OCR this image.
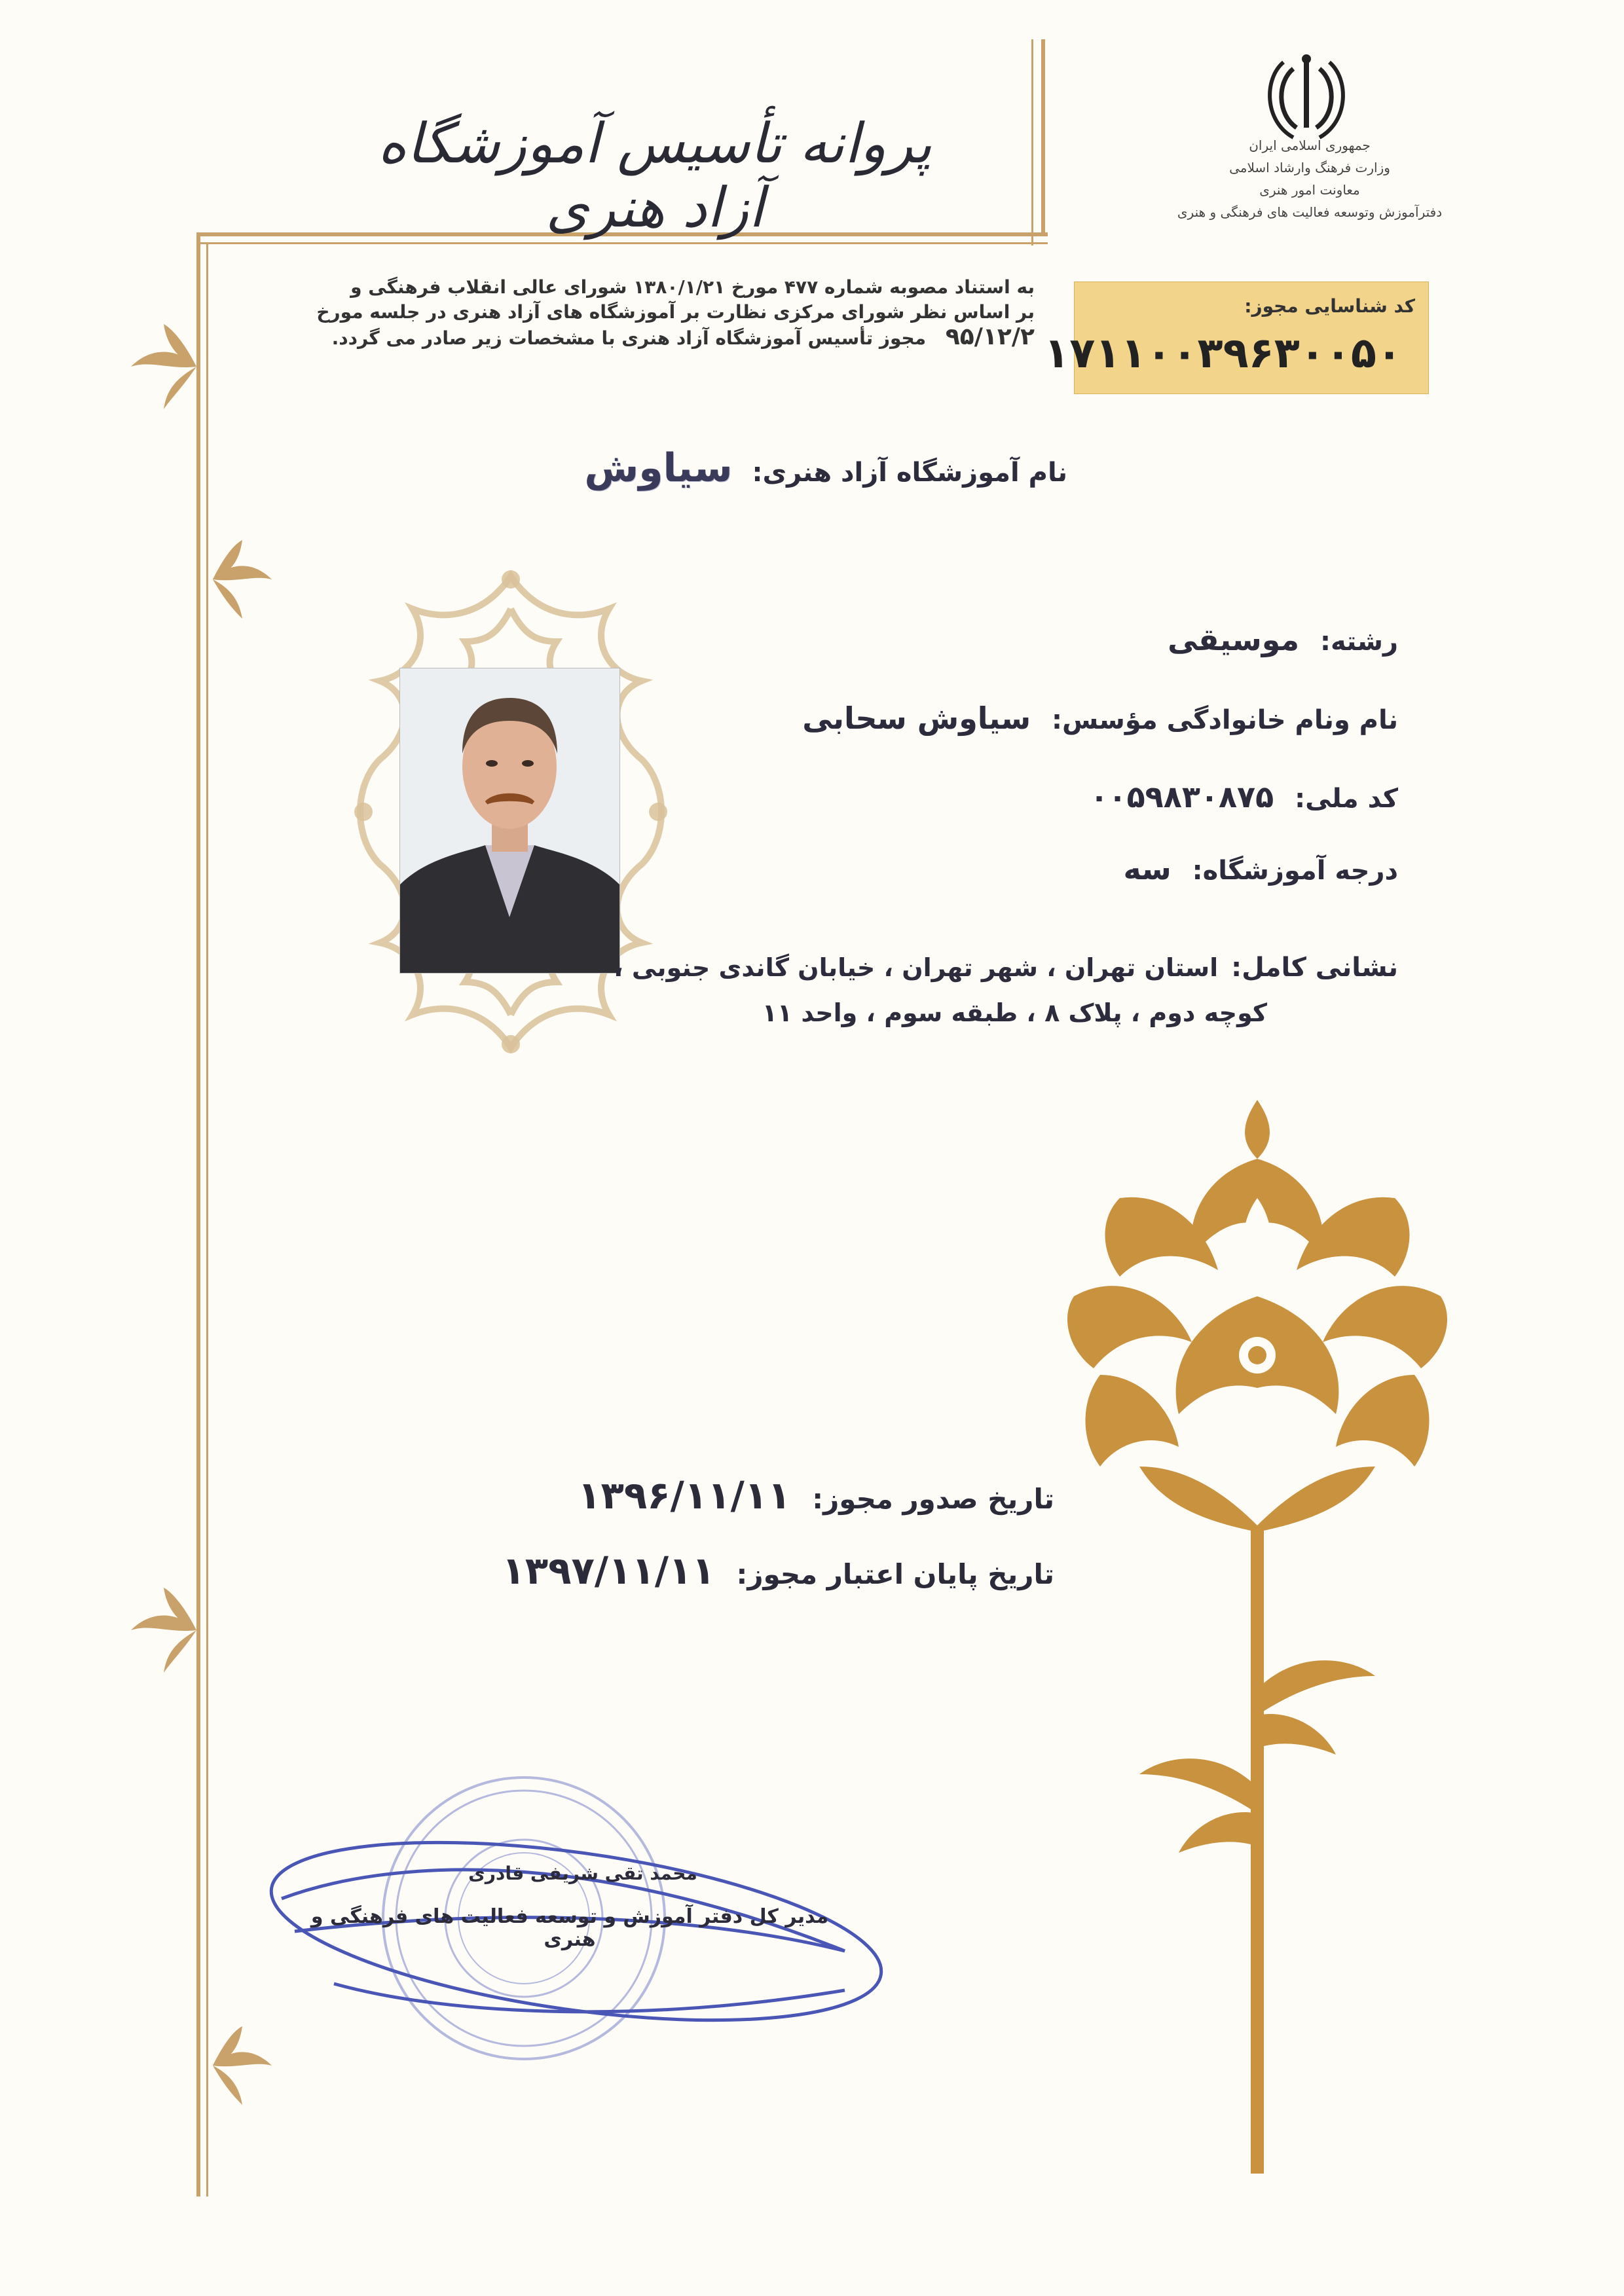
جمهوری اسلامی ایران
وزارت فرهنگ وارشاد اسلامی
معاونت امور هنری
دفترآموزش وتوسعه فعالیت های فرهنگی و هنری
پروانه تأسیس آموزشگاه آزاد هنری
به استناد مصوبه شماره ۴۷۷ مورخ ۱۳۸۰/۱/۲۱ شورای عالی انقلاب فرهنگی و
بر اساس نظر شورای مرکزی نظارت بر آموزشگاه های آزاد هنری در جلسه مورخ
۹۵/۱۲/۲ مجوز تأسیس آموزشگاه آزاد هنری با مشخصات زیر صادر می گردد.
کد شناسایی مجوز:
۱۷۱۱۰۰۳۹۶۳۰۰۵۰
نام آموزشگاه آزاد هنری: سیاوش
رشته: موسیقی
نام ونام خانوادگی مؤسس: سیاوش سحابی
کد ملی: ۰۰۵۹۸۳۰۸۷۵
درجه آموزشگاه: سه
نشانی کامل: استان تهران ، شهر تهران ، خیابان گاندی جنوبی ،
کوچه دوم ، پلاک ۸ ، طبقه سوم ، واحد ۱۱
تاریخ صدور مجوز: ۱۳۹۶/۱۱/۱۱
تاریخ پایان اعتبار مجوز: ۱۳۹۷/۱۱/۱۱
محمد تقی شریفی قادری
مدیر کل دفتر آموزش و توسعه فعالیت های فرهنگی و هنری
